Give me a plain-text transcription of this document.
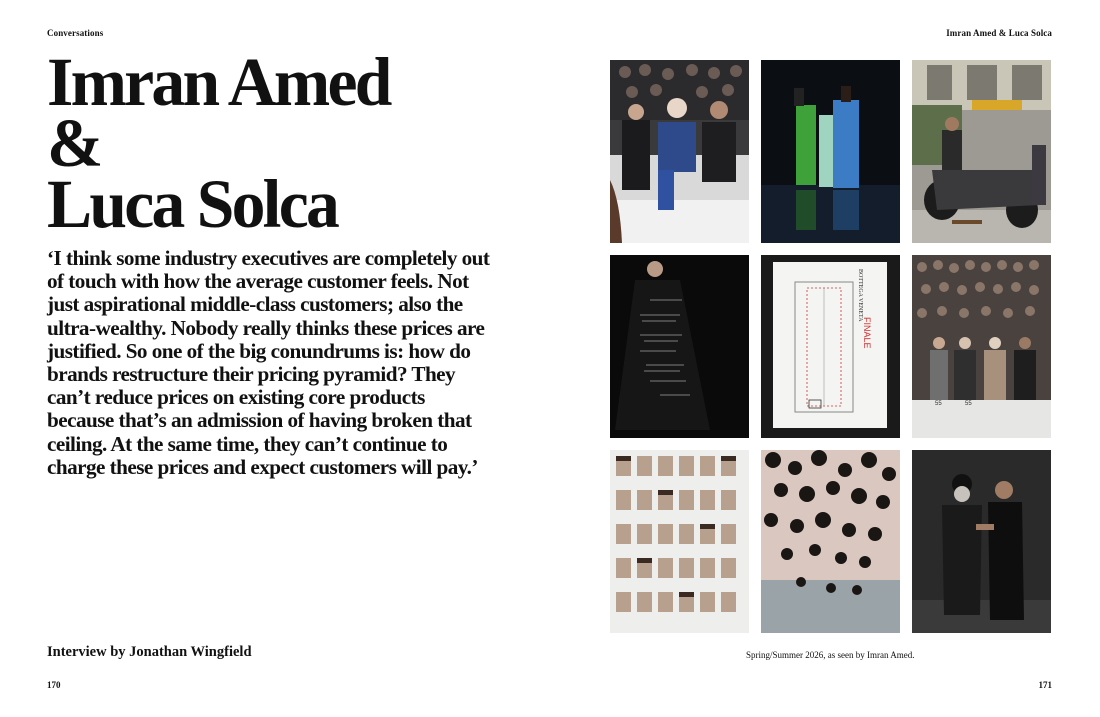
Conversations	Imran Amed & Luca Solca
Imran Amed
&
Luca Solca

‘I think some industry executives are completely out of touch with how the average customer feels. Not just aspirational middle-class customers; also the ultra-wealthy. Nobody really thinks these prices are justified. So one of the big conundrums is: how do brands restructure their pricing pyramid? They can’t reduce prices on existing core products because that’s an admission of having broken that ceiling. At the same time, they can’t continue to charge these prices and expect customers will pay.’

Interview by Jonathan Wingfield
BOTTEGA VENETA
FINALE
55	55
Spring/Summer 2026, as seen by Imran Amed.
170	171
